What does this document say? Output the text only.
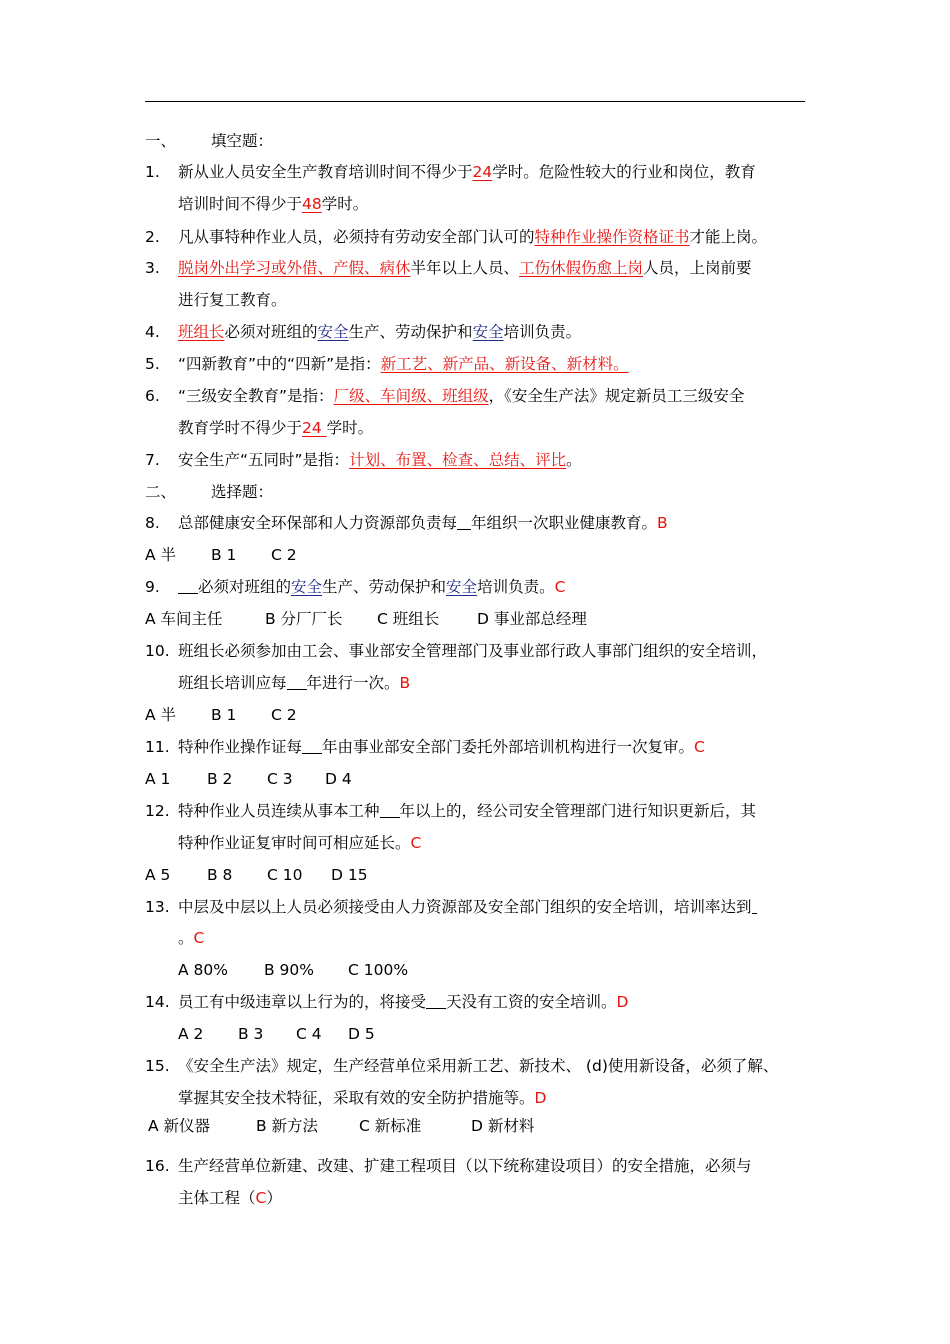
一、 填空题：
1. 新从业人员安全生产教育培训时间不得少于24学时。危险性较大的行业和岗位，教育
培训时间不得少于48学时。
2. 凡从事特种作业人员，必须持有劳动安全部门认可的特种作业操作资格证书才能上岗。
3. 脱岗外出学习或外借、产假、病休半年以上人员、工伤休假伤愈上岗人员，上岗前要
进行复工教育。
4. 班组长必须对班组的安全生产、劳动保护和安全培训负责。
5. “四新教育”中的“四新”是指：新工艺、新产品、新设备、新材料。
6. “三级安全教育”是指：厂级、车间级、班组级，《安全生产法》规定新员工三级安全
教育学时不得少于24 学时。
7. 安全生产“五同时”是指：计划、布置、检查、总结、评比。
二、 选择题：
8. 总部健康安全环保部和人力资源部负责每 年组织一次职业健康教育。B
A 半 B 1 C 2
9. 必须对班组的安全生产、劳动保护和安全培训负责。C
A 车间主任	B 分厂厂长 C 班组长 D 事业部总经理
10. 班组长必须参加由工会、事业部安全管理部门及事业部行政人事部门组织的安全培训，
班组长培训应每 年进行一次。B
A 半 B 1 C 2
11. 特种作业操作证每 年由事业部安全部门委托外部培训机构进行一次复审。C
A 1 B 2 C 3 D 4
12. 特种作业人员连续从事本工种 年以上的，经公司安全管理部门进行知识更新后，其
特种作业证复审时间可相应延长。C
A 5 B 8 C 10 D 15
13. 中层及中层以上人员必须接受由人力资源部及安全部门组织的安全培训，培训率达到
。C
A 80% B 90% C 100%
14. 员工有中级违章以上行为的，将接受 天没有工资的安全培训。D
A 2 B 3 C 4 D 5
15. 《安全生产法》规定，生产经营单位采用新工艺、新技术、 (d)使用新设备，必须了解、
掌握其安全技术特征，采取有效的安全防护措施等。D
A 新仪器	B 新方法	C 新标准	D 新材料
16. 生产经营单位新建、改建、扩建工程项目（以下统称建设项目）的安全措施，必须与
主体工程（C）
